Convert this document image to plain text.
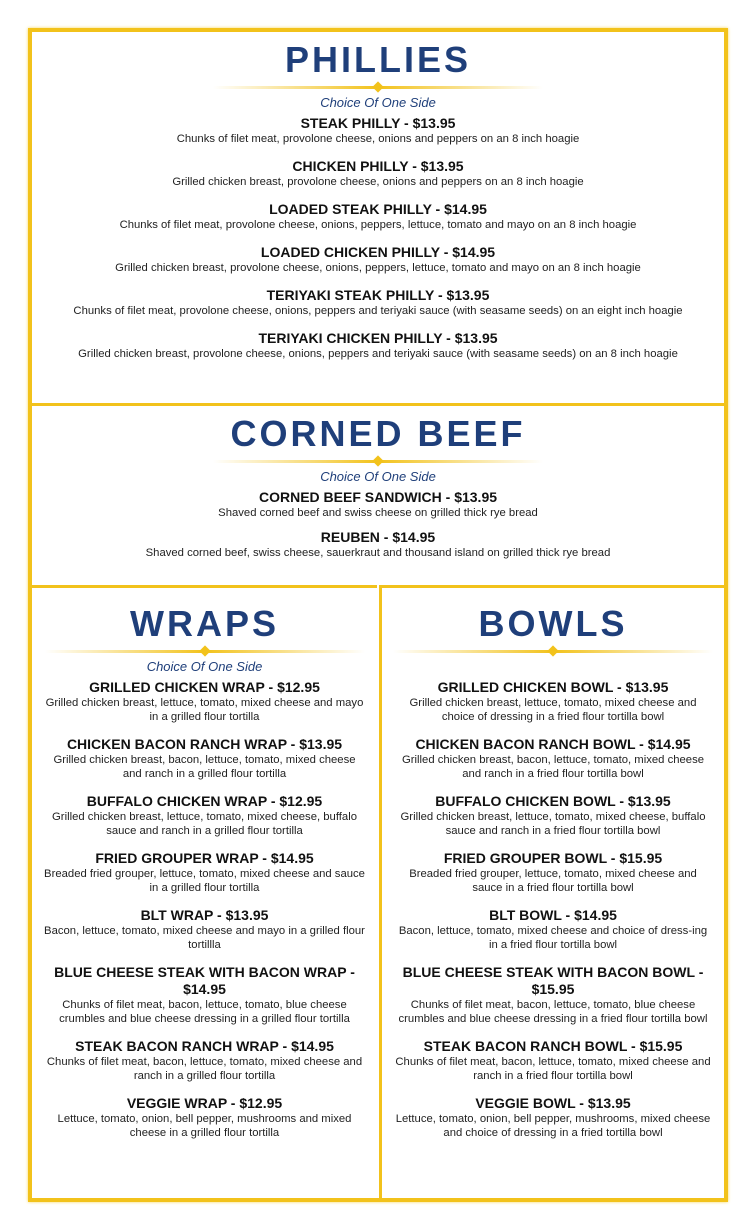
PHILLIES
Choice Of One Side
STEAK PHILLY - $13.95
Chunks of filet meat, provolone cheese, onions and peppers on an 8 inch hoagie
CHICKEN PHILLY - $13.95
Grilled chicken breast, provolone cheese, onions and peppers on an 8 inch hoagie
LOADED STEAK PHILLY - $14.95
Chunks of filet meat, provolone cheese, onions, peppers, lettuce, tomato and mayo on an 8 inch hoagie
LOADED CHICKEN PHILLY - $14.95
Grilled chicken breast, provolone cheese, onions, peppers, lettuce, tomato and mayo on an 8 inch hoagie
TERIYAKI STEAK PHILLY - $13.95
Chunks of filet meat, provolone cheese, onions, peppers and teriyaki sauce (with seasame seeds) on an eight inch hoagie
TERIYAKI CHICKEN PHILLY - $13.95
Grilled chicken breast, provolone cheese, onions, peppers and teriyaki sauce (with seasame seeds) on an 8 inch hoagie
CORNED BEEF
Choice Of One Side
CORNED BEEF SANDWICH - $13.95
Shaved corned beef and swiss cheese on grilled thick rye bread
REUBEN - $14.95
Shaved corned beef, swiss cheese, sauerkraut and thousand island on grilled thick rye bread
WRAPS
Choice Of One Side
GRILLED CHICKEN WRAP - $12.95
Grilled chicken breast, lettuce, tomato, mixed cheese and mayo in a grilled flour tortilla
CHICKEN BACON RANCH WRAP - $13.95
Grilled chicken breast, bacon, lettuce, tomato, mixed cheese and ranch in a grilled flour tortilla
BUFFALO CHICKEN WRAP - $12.95
Grilled chicken breast, lettuce, tomato, mixed cheese, buffalo sauce and ranch in a grilled flour tortilla
FRIED GROUPER WRAP - $14.95
Breaded fried grouper, lettuce, tomato, mixed cheese and sauce in a grilled flour tortilla
BLT WRAP - $13.95
Bacon, lettuce, tomato, mixed cheese and mayo in a grilled flour tortillla
BLUE CHEESE STEAK WITH BACON WRAP - $14.95
Chunks of filet meat, bacon, lettuce, tomato, blue cheese crumbles and blue cheese dressing in a grilled flour tortilla
STEAK BACON RANCH WRAP - $14.95
Chunks of filet meat, bacon, lettuce, tomato, mixed cheese and ranch in a grilled flour tortilla
VEGGIE WRAP - $12.95
Lettuce, tomato, onion, bell pepper, mushrooms and mixed cheese in a grilled flour tortilla
BOWLS
GRILLED CHICKEN BOWL - $13.95
Grilled chicken breast, lettuce, tomato, mixed cheese and choice of dressing in a fried flour tortilla bowl
CHICKEN BACON RANCH BOWL - $14.95
Grilled chicken breast, bacon, lettuce, tomato, mixed cheese and ranch in a fried flour tortilla bowl
BUFFALO CHICKEN BOWL - $13.95
Grilled chicken breast, lettuce, tomato, mixed cheese, buffalo sauce and ranch in a fried flour tortilla bowl
FRIED GROUPER BOWL - $15.95
Breaded fried grouper, lettuce, tomato, mixed cheese and sauce in a fried flour tortilla bowl
BLT BOWL - $14.95
Bacon, lettuce, tomato, mixed cheese and choice of dress-ing in a fried flour tortilla bowl
BLUE CHEESE STEAK WITH BACON BOWL - $15.95
Chunks of filet meat, bacon, lettuce, tomato, blue cheese crumbles and blue cheese dressing in a fried flour tortilla bowl
STEAK BACON RANCH BOWL - $15.95
Chunks of filet meat, bacon, lettuce, tomato, mixed cheese and ranch in a fried flour tortilla bowl
VEGGIE BOWL - $13.95
Lettuce, tomato, onion, bell pepper, mushrooms, mixed cheese and choice of dressing in a fried tortilla bowl
